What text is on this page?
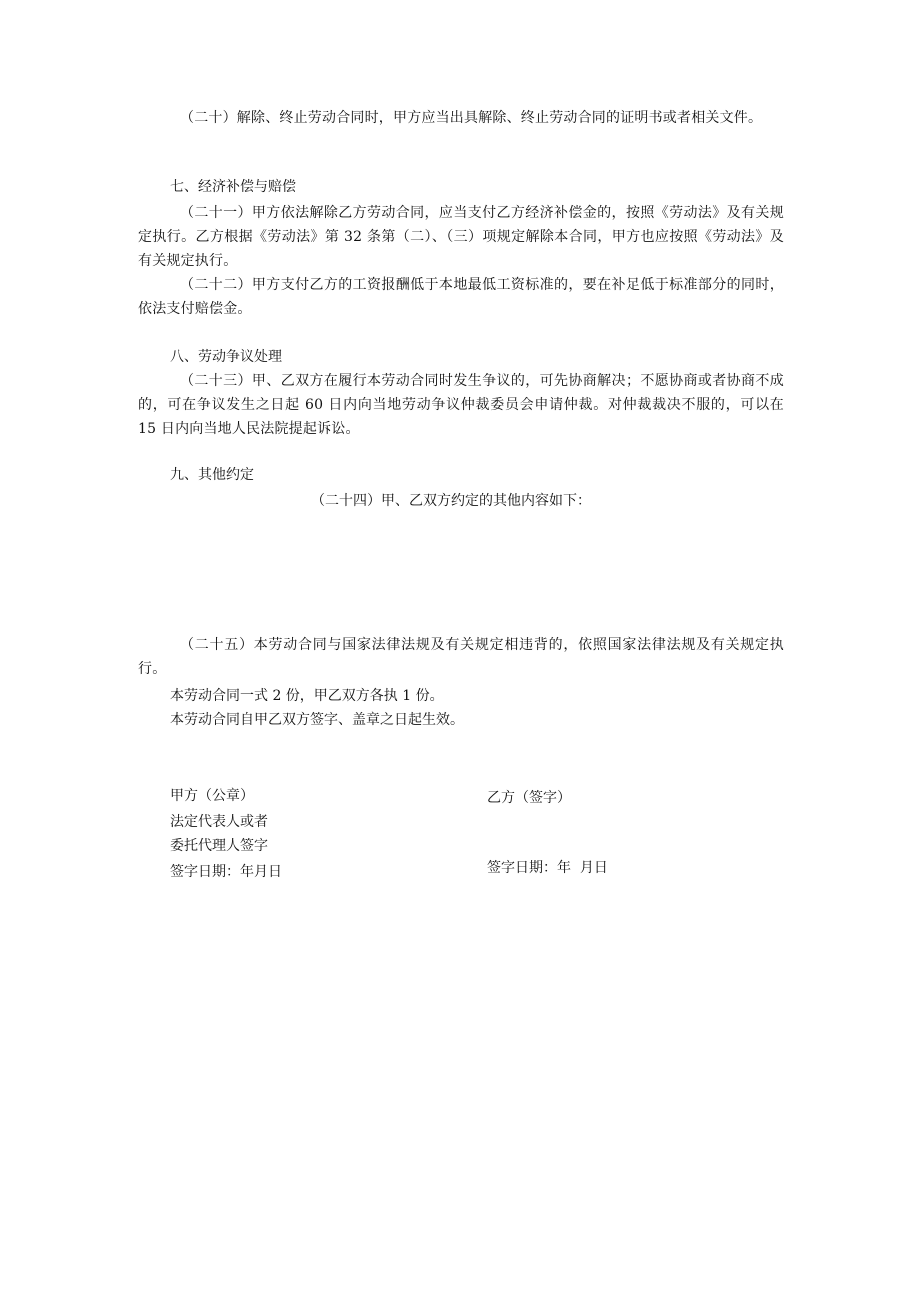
（二十）解除、终止劳动合同时，甲方应当出具解除、终止劳动合同的证明书或者相关文件。

七、经济补偿与赔偿

（二十一）甲方依法解除乙方劳动合同，应当支付乙方经济补偿金的，按照《劳动法》及有关规定执行。乙方根据《劳动法》第 32 条第（二）、（三）项规定解除本合同，甲方也应按照《劳动法》及有关规定执行。

（二十二）甲方支付乙方的工资报酬低于本地最低工资标准的，要在补足低于标准部分的同时，依法支付赔偿金。

八、劳动争议处理

（二十三）甲、乙双方在履行本劳动合同时发生争议的，可先协商解决；不愿协商或者协商不成的，可在争议发生之日起 60 日内向当地劳动争议仲裁委员会申请仲裁。对仲裁裁决不服的，可以在 15 日内向当地人民法院提起诉讼。

九、其他约定

（二十四）甲、乙双方约定的其他内容如下：

（二十五）本劳动合同与国家法律法规及有关规定相违背的，依照国家法律法规及有关规定执行。

本劳动合同一式 2 份，甲乙双方各执 1 份。

本劳动合同自甲乙双方签字、盖章之日起生效。

甲方（公章）

法定代表人或者

委托代理人签字

签字日期：年月日

乙方（签字）

签字日期：年  月日
